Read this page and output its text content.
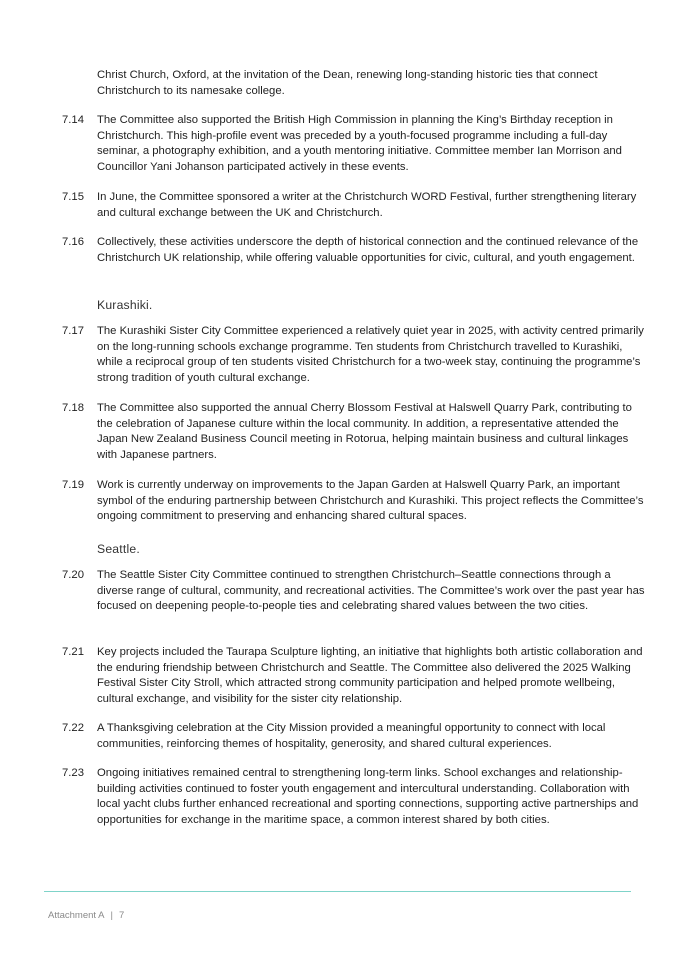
Christ Church, Oxford, at the invitation of the Dean, renewing long-standing historic ties that connect Christchurch to its namesake college.
7.14	The Committee also supported the British High Commission in planning the King’s Birthday reception in Christchurch. This high-profile event was preceded by a youth-focused programme including a full-day seminar, a photography exhibition, and a youth mentoring initiative. Committee member Ian Morrison and Councillor Yani Johanson participated actively in these events.
7.15	In June, the Committee sponsored a writer at the Christchurch WORD Festival, further strengthening literary and cultural exchange between the UK and Christchurch.
7.16	Collectively, these activities underscore the depth of historical connection and the continued relevance of the Christchurch UK relationship, while offering valuable opportunities for civic, cultural, and youth engagement.
Kurashiki.
7.17	The Kurashiki Sister City Committee experienced a relatively quiet year in 2025, with activity centred primarily on the long-running schools exchange programme. Ten students from Christchurch travelled to Kurashiki, while a reciprocal group of ten students visited Christchurch for a two-week stay, continuing the programme’s strong tradition of youth cultural exchange.
7.18	The Committee also supported the annual Cherry Blossom Festival at Halswell Quarry Park, contributing to the celebration of Japanese culture within the local community. In addition, a representative attended the Japan New Zealand Business Council meeting in Rotorua, helping maintain business and cultural linkages with Japanese partners.
7.19	Work is currently underway on improvements to the Japan Garden at Halswell Quarry Park, an important symbol of the enduring partnership between Christchurch and Kurashiki. This project reflects the Committee’s ongoing commitment to preserving and enhancing shared cultural spaces.
Seattle.
7.20	The Seattle Sister City Committee continued to strengthen Christchurch–Seattle connections through a diverse range of cultural, community, and recreational activities. The Committee’s work over the past year has focused on deepening people-to-people ties and celebrating shared values between the two cities.
7.21	Key projects included the Taurapa Sculpture lighting, an initiative that highlights both artistic collaboration and the enduring friendship between Christchurch and Seattle. The Committee also delivered the 2025 Walking Festival Sister City Stroll, which attracted strong community participation and helped promote wellbeing, cultural exchange, and visibility for the sister city relationship.
7.22	A Thanksgiving celebration at the City Mission provided a meaningful opportunity to connect with local communities, reinforcing themes of hospitality, generosity, and shared cultural experiences.
7.23	Ongoing initiatives remained central to strengthening long-term links. School exchanges and relationship-building activities continued to foster youth engagement and intercultural understanding. Collaboration with local yacht clubs further enhanced recreational and sporting connections, supporting active partnerships and opportunities for exchange in the maritime space, a common interest shared by both cities.
Attachment A | 7
